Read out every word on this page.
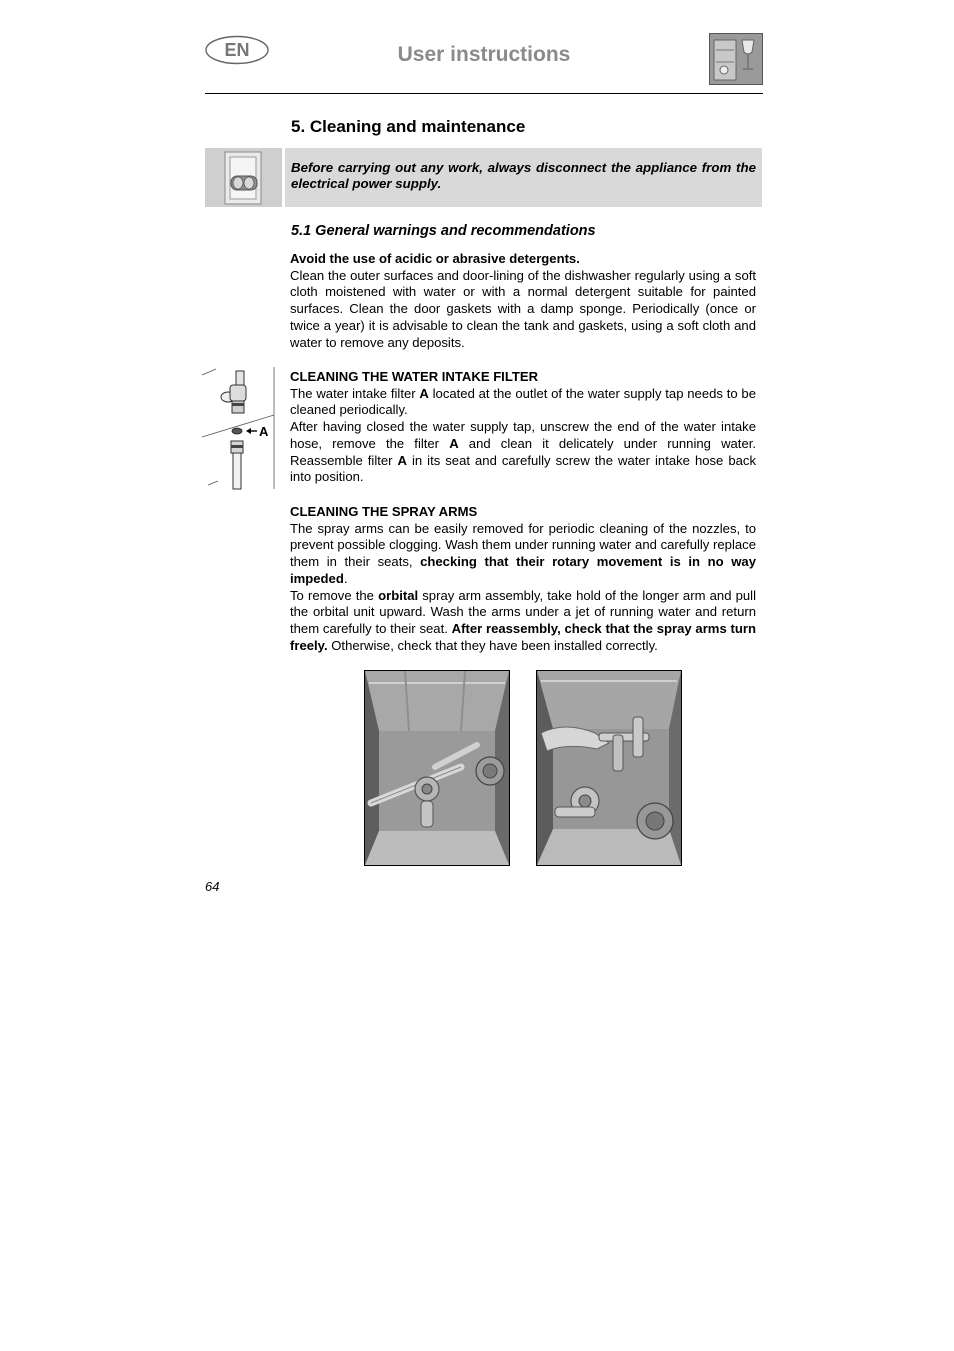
EN	User instructions
5. Cleaning and maintenance
Before carrying out any work, always disconnect the appliance from the electrical power supply.
5.1 General warnings and recommendations

Avoid the use of acidic or abrasive detergents.

Clean the outer surfaces and door-lining of the dishwasher regularly using a soft cloth moistened with water or with a normal detergent suitable for painted surfaces. Clean the door gaskets with a damp sponge. Periodically (once or twice a year) it is advisable to clean the tank and gaskets, using a soft cloth and water to remove any deposits.

A

CLEANING THE WATER INTAKE FILTER

The water intake filter A located at the outlet of the water supply tap needs to be cleaned periodically.

After having closed the water supply tap, unscrew the end of the water intake hose, remove the filter A and clean it delicately under running water. Reassemble filter A in its seat and carefully screw the water intake hose back into position.

CLEANING THE SPRAY ARMS

The spray arms can be easily removed for periodic cleaning of the nozzles, to prevent possible clogging. Wash them under running water and carefully replace them in their seats, checking that their rotary movement is in no way impeded.

To remove the orbital spray arm assembly, take hold of the longer arm and pull the orbital unit upward. Wash the arms under a jet of running water and return them carefully to their seat. After reassembly, check that the spray arms turn freely. Otherwise, check that they have been installed correctly.

64
